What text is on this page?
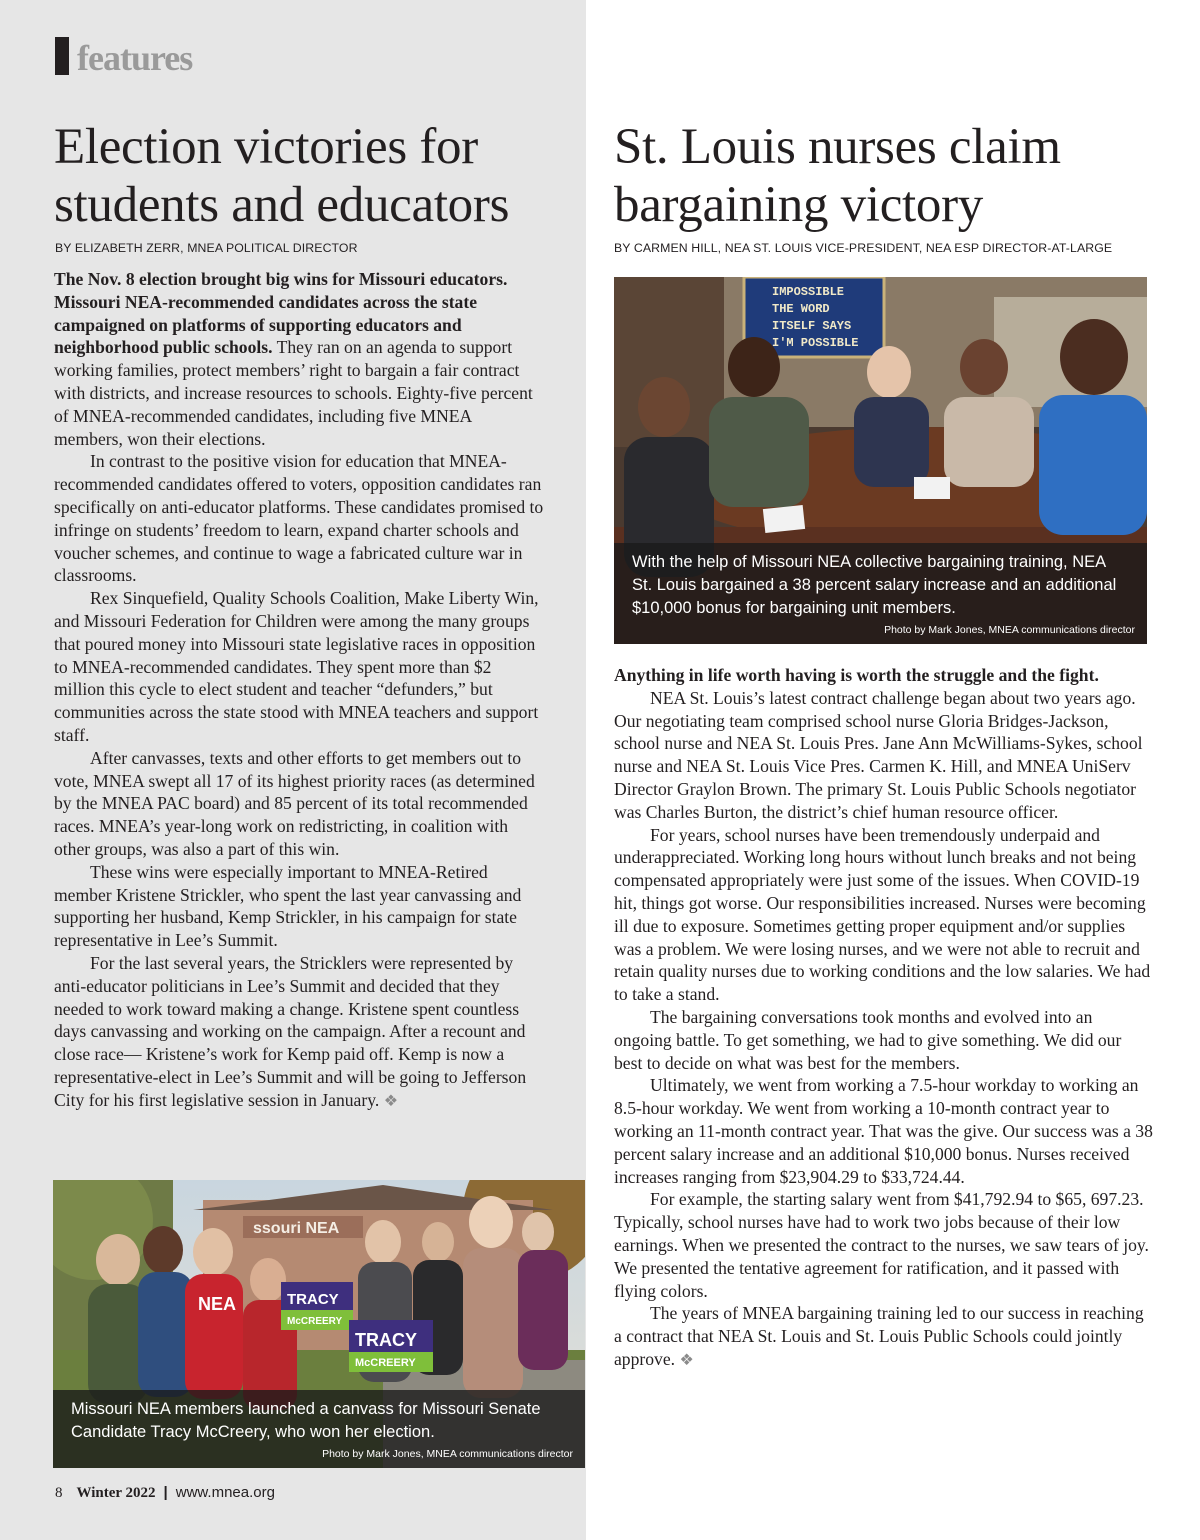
features
Election victories for
students and educators
BY ELIZABETH ZERR, MNEA POLITICAL DIRECTOR

The Nov. 8 election brought big wins for Missouri educators. Missouri NEA-recommended candidates across the state campaigned on platforms of supporting educators and neighborhood public schools. They ran on an agenda to support working families, protect members’ right to bargain a fair contract with districts, and increase resources to schools. Eighty-five percent of MNEA-recommended candidates, including five MNEA members, won their elections.

In contrast to the positive vision for education that MNEA-recommended candidates offered to voters, opposition candidates ran specifically on anti-educator platforms. These candidates promised to infringe on students’ freedom to learn, expand charter schools and voucher schemes, and continue to wage a fabricated culture war in classrooms.

Rex Sinquefield, Quality Schools Coalition, Make Liberty Win, and Missouri Federation for Children were among the many groups that poured money into Missouri state legislative races in opposition to MNEA-recommended candidates. They spent more than $2 million this cycle to elect student and teacher “defunders,” but communities across the state stood with MNEA teachers and support staff.

After canvasses, texts and other efforts to get members out to vote, MNEA swept all 17 of its highest priority races (as determined by the MNEA PAC board) and 85 percent of its total recommended races. MNEA’s year-long work on redistricting, in coalition with other groups, was also a part of this win.

These wins were especially important to MNEA-Retired member Kristene Strickler, who spent the last year canvassing and supporting her husband, Kemp Strickler, in his campaign for state representative in Lee’s Summit.

For the last several years, the Stricklers were represented by anti-educator politicians in Lee’s Summit and decided that they needed to work toward making a change. Kristene spent countless days canvassing and working on the campaign. After a recount and close race— Kristene’s work for Kemp paid off. Kemp is now a representative-elect in Lee’s Summit and will be going to Jefferson City for his first legislative session in January. ❖

ssouri NEA
NEA	TRACY
McCREERY
TRACY
McCREERY
Missouri NEA members launched a canvass for Missouri Senate Candidate Tracy McCreery, who won her election.
Photo by Mark Jones, MNEA communications director
St. Louis nurses claim
bargaining victory
BY CARMEN HILL, NEA ST. LOUIS VICE-PRESIDENT, NEA ESP DIRECTOR-AT-LARGE
IMPOSSIBLE
THE WORD
ITSELF SAYS
I'M POSSIBLE
With the help of Missouri NEA collective bargaining training, NEA St. Louis bargained a 38 percent salary increase and an additional $10,000 bonus for bargaining unit members.
Photo by Mark Jones, MNEA communications director

Anything in life worth having is worth the struggle and the fight.

NEA St. Louis’s latest contract challenge began about two years ago. Our negotiating team comprised school nurse Gloria Bridges-Jackson, school nurse and NEA St. Louis Pres. Jane Ann McWilliams-Sykes, school nurse and NEA St. Louis Vice Pres. Carmen K. Hill, and MNEA UniServ Director Graylon Brown. The primary St. Louis Public Schools negotiator was Charles Burton, the district’s chief human resource officer.

For years, school nurses have been tremendously underpaid and underappreciated. Working long hours without lunch breaks and not being compensated appropriately were just some of the issues. When COVID-19 hit, things got worse. Our responsibilities increased. Nurses were becoming ill due to exposure. Sometimes getting proper equipment and/or supplies was a problem. We were losing nurses, and we were not able to recruit and retain quality nurses due to working conditions and the low salaries. We had to take a stand.

The bargaining conversations took months and evolved into an ongoing battle. To get something, we had to give something. We did our best to decide on what was best for the members.

Ultimately, we went from working a 7.5-hour workday to working an 8.5-hour workday. We went from working a 10-month contract year to working an 11-month contract year. That was the give. Our success was a 38 percent salary increase and an additional $10,000 bonus. Nurses received increases ranging from $23,904.29 to $33,724.44.

For example, the starting salary went from $41,792.94 to $65, 697.23. Typically, school nurses have had to work two jobs because of their low earnings. When we presented the contract to the nurses, we saw tears of joy. We presented the tentative agreement for ratification, and it passed with flying colors.

The years of MNEA bargaining training led to our success in reaching a contract that NEA St. Louis and St. Louis Public Schools could jointly approve. ❖

8 Winter 2022 | www.mnea.org
